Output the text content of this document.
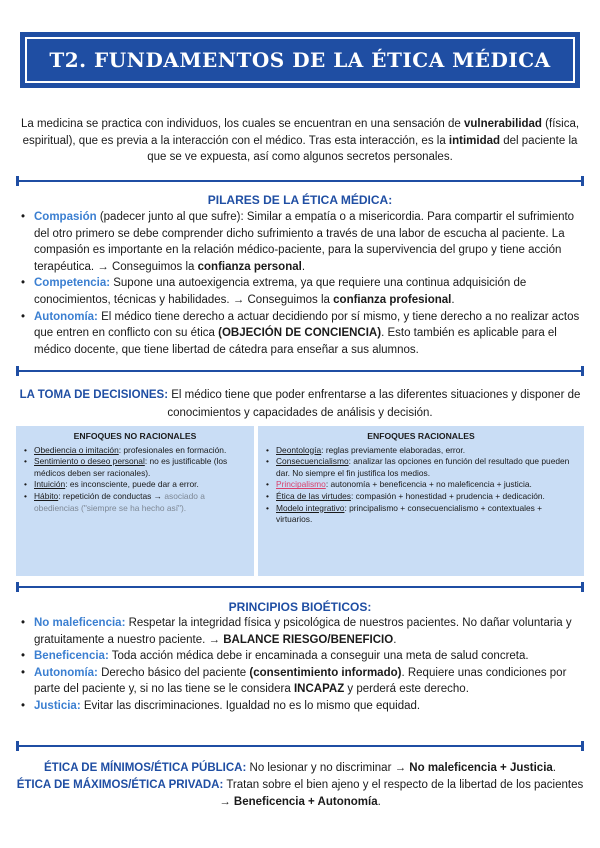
T2. FUNDAMENTOS DE LA ÉTICA MÉDICA
La medicina se practica con individuos, los cuales se encuentran en una sensación de vulnerabilidad (física, espiritual), que es previa a la interacción con el médico. Tras esta interacción, es la intimidad del paciente la que se ve expuesta, así como algunos secretos personales.
PILARES DE LA ÉTICA MÉDICA:
• Compasión (padecer junto al que sufre): Similar a empatía o a misericordia. Para compartir el sufrimiento del otro primero se debe comprender dicho sufrimiento a través de una labor de escucha al paciente. La compasión es importante en la relación médico-paciente, para la supervivencia del grupo y tiene acción terapéutica. → Conseguimos la confianza personal.
• Competencia: Supone una autoexigencia extrema, ya que requiere una continua adquisición de conocimientos, técnicas y habilidades. → Conseguimos la confianza profesional.
• Autonomía: El médico tiene derecho a actuar decidiendo por sí mismo, y tiene derecho a no realizar actos que entren en conflicto con su ética (OBJECIÓN DE CONCIENCIA). Esto también es aplicable para el médico docente, que tiene libertad de cátedra para enseñar a sus alumnos.
LA TOMA DE DECISIONES: El médico tiene que poder enfrentarse a las diferentes situaciones y disponer de conocimientos y capacidades de análisis y decisión.
ENFOQUES NO RACIONALES
• Obediencia o imitación: profesionales en formación.
• Sentimiento o deseo personal: no es justificable (los médicos deben ser racionales).
• Intuición: es inconsciente, puede dar a error.
• Hábito: repetición de conductas → asociado a obediencias ("siempre se ha hecho así").
ENFOQUES RACIONALES
• Deontología: reglas previamente elaboradas, error.
• Consecuencialismo: analizar las opciones en función del resultado que pueden dar. No siempre el fin justifica los medios.
• Principalismo: autonomía + beneficencia + no maleficencia + justicia.
• Ética de las virtudes: compasión + honestidad + prudencia + dedicación.
• Modelo integrativo: principalismo + consecuencialismo + contextuales + virtuarios.
PRINCIPIOS BIOÉTICOS:
• No maleficencia: Respetar la integridad física y psicológica de nuestros pacientes. No dañar voluntaria y gratuitamente a nuestro paciente. → BALANCE RIESGO/BENEFICIO.
• Beneficencia: Toda acción médica debe ir encaminada a conseguir una meta de salud concreta.
• Autonomía: Derecho básico del paciente (consentimiento informado). Requiere unas condiciones por parte del paciente y, si no las tiene se le considera INCAPAZ y perderá este derecho.
• Justicia: Evitar las discriminaciones. Igualdad no es lo mismo que equidad.
ÉTICA DE MÍNIMOS/ÉTICA PÚBLICA: No lesionar y no discriminar → No maleficencia + Justicia.
ÉTICA DE MÁXIMOS/ÉTICA PRIVADA: Tratan sobre el bien ajeno y el respecto de la libertad de los pacientes → Beneficencia + Autonomía.
